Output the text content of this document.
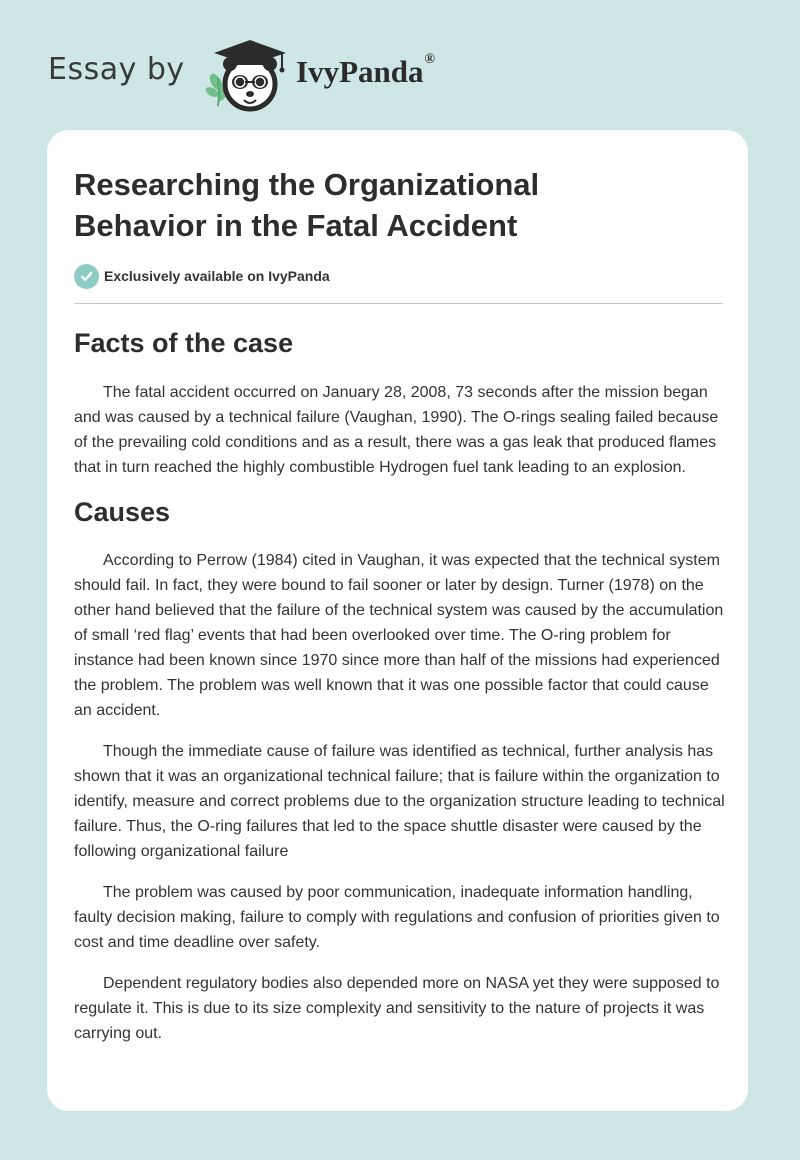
Essay by	IvyPanda®
Researching the Organizational Behavior in the Fatal Accident
Exclusively available on IvyPanda
Facts of the case

The fatal accident occurred on January 28, 2008, 73 seconds after the mission began and was caused by a technical failure (Vaughan, 1990). The O-rings sealing failed because of the prevailing cold conditions and as a result, there was a gas leak that produced flames that in turn reached the highly combustible Hydrogen fuel tank leading to an explosion.

Causes

According to Perrow (1984) cited in Vaughan, it was expected that the technical system should fail. In fact, they were bound to fail sooner or later by design. Turner (1978) on the other hand believed that the failure of the technical system was caused by the accumulation of small ‘red flag’ events that had been overlooked over time. The O-ring problem for instance had been known since 1970 since more than half of the missions had experienced the problem. The problem was well known that it was one possible factor that could cause an accident.

Though the immediate cause of failure was identified as technical, further analysis has shown that it was an organizational technical failure; that is failure within the organization to identify, measure and correct problems due to the organization structure leading to technical failure. Thus, the O-ring failures that led to the space shuttle disaster were caused by the following organizational failure

The problem was caused by poor communication, inadequate information handling, faulty decision making, failure to comply with regulations and confusion of priorities given to cost and time deadline over safety.

Dependent regulatory bodies also depended more on NASA yet they were supposed to regulate it. This is due to its size complexity and sensitivity to the nature of projects it was carrying out.
